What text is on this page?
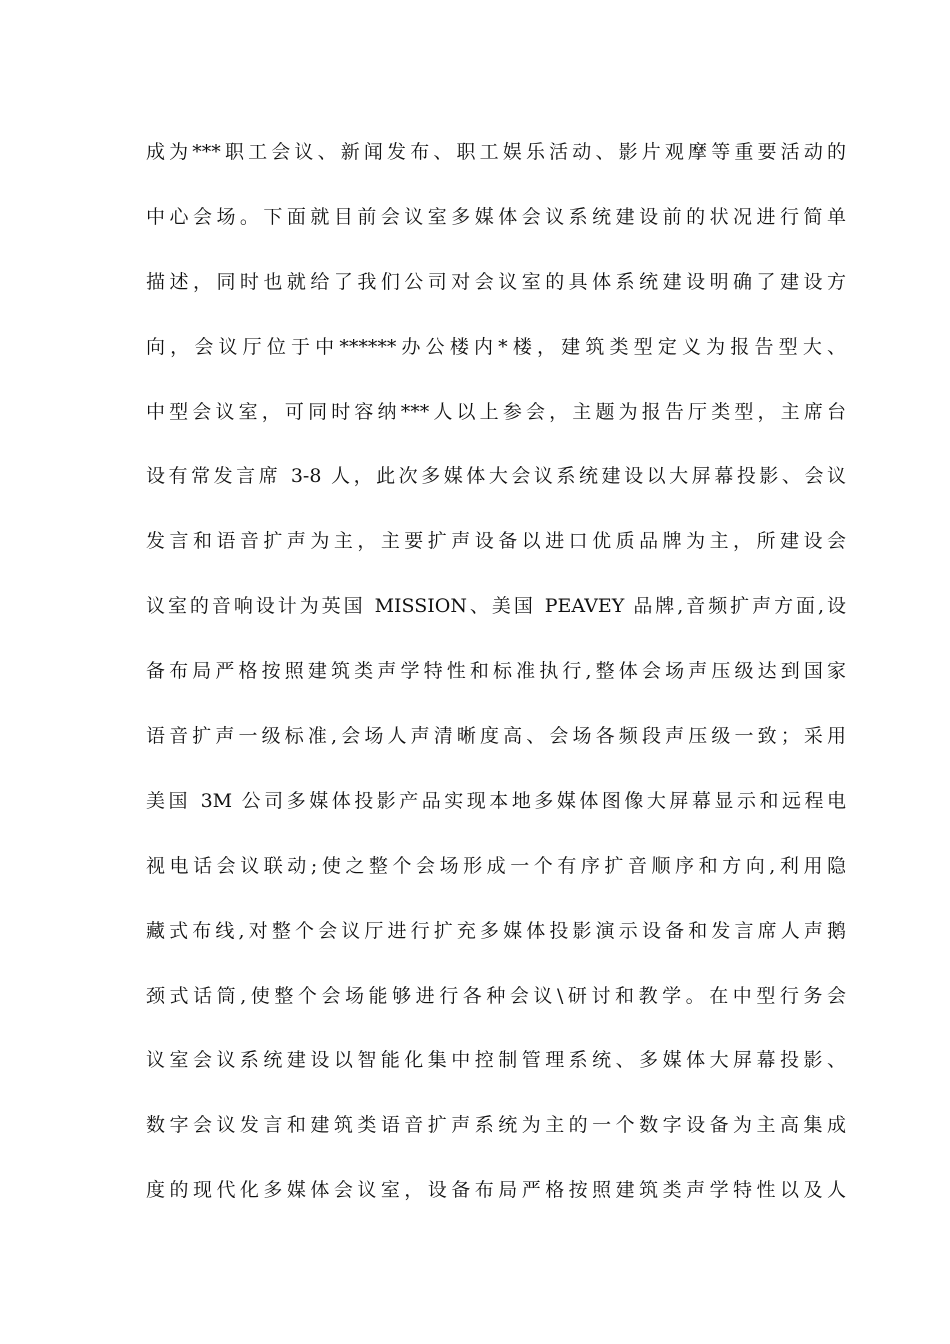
成为***职工会议、新闻发布、职工娱乐活动、影片观摩等重要活动的
中心会场。下面就目前会议室多媒体会议系统建设前的状况进行简单
描述，同时也就给了我们公司对会议室的具体系统建设明确了建设方
向，会议厅位于中******办公楼内*楼，建筑类型定义为报告型大、
中型会议室，可同时容纳***人以上参会，主题为报告厅类型，主席台
设有常发言席 3-8 人，此次多媒体大会议系统建设以大屏幕投影、会议
发言和语音扩声为主，主要扩声设备以进口优质品牌为主，所建设会
议室的音响设计为英国 MISSION、美国 PEAVEY 品牌,音频扩声方面,设
备布局严格按照建筑类声学特性和标准执行,整体会场声压级达到国家
语音扩声一级标准,会场人声清晰度高、会场各频段声压级一致；采用
美国 3M 公司多媒体投影产品实现本地多媒体图像大屏幕显示和远程电
视电话会议联动;使之整个会场形成一个有序扩音顺序和方向,利用隐
藏式布线,对整个会议厅进行扩充多媒体投影演示设备和发言席人声鹅
颈式话筒,使整个会场能够进行各种会议\研讨和教学。在中型行务会
议室会议系统建设以智能化集中控制管理系统、多媒体大屏幕投影、
数字会议发言和建筑类语音扩声系统为主的一个数字设备为主高集成
度的现代化多媒体会议室，设备布局严格按照建筑类声学特性以及人
